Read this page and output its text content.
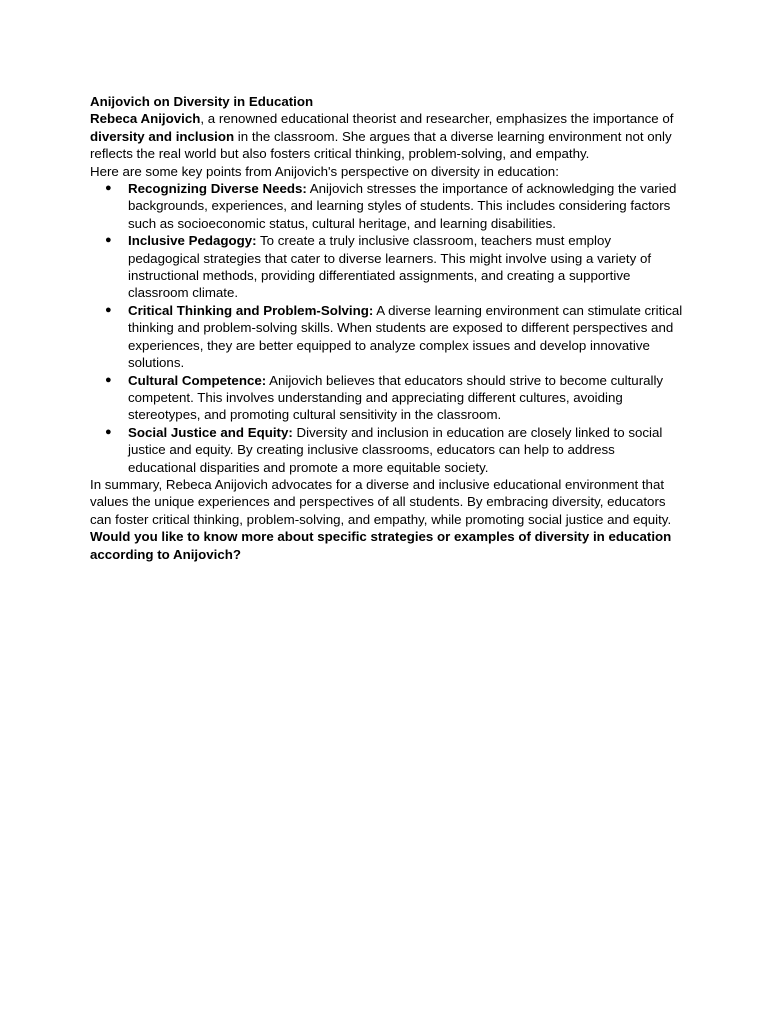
Anijovich on Diversity in Education

Rebeca Anijovich, a renowned educational theorist and researcher, emphasizes the importance of diversity and inclusion in the classroom. She argues that a diverse learning environment not only reflects the real world but also fosters critical thinking, problem-solving, and empathy.

Here are some key points from Anijovich's perspective on diversity in education:

● Recognizing Diverse Needs: Anijovich stresses the importance of acknowledging the varied backgrounds, experiences, and learning styles of students. This includes considering factors such as socioeconomic status, cultural heritage, and learning disabilities.
● Inclusive Pedagogy: To create a truly inclusive classroom, teachers must employ pedagogical strategies that cater to diverse learners. This might involve using a variety of instructional methods, providing differentiated assignments, and creating a supportive classroom climate.
● Critical Thinking and Problem-Solving: A diverse learning environment can stimulate critical thinking and problem-solving skills. When students are exposed to different perspectives and experiences, they are better equipped to analyze complex issues and develop innovative solutions.
● Cultural Competence: Anijovich believes that educators should strive to become culturally competent. This involves understanding and appreciating different cultures, avoiding stereotypes, and promoting cultural sensitivity in the classroom.
● Social Justice and Equity: Diversity and inclusion in education are closely linked to social justice and equity. By creating inclusive classrooms, educators can help to address educational disparities and promote a more equitable society.

In summary, Rebeca Anijovich advocates for a diverse and inclusive educational environment that values the unique experiences and perspectives of all students. By embracing diversity, educators can foster critical thinking, problem-solving, and empathy, while promoting social justice and equity.

Would you like to know more about specific strategies or examples of diversity in education according to Anijovich?
